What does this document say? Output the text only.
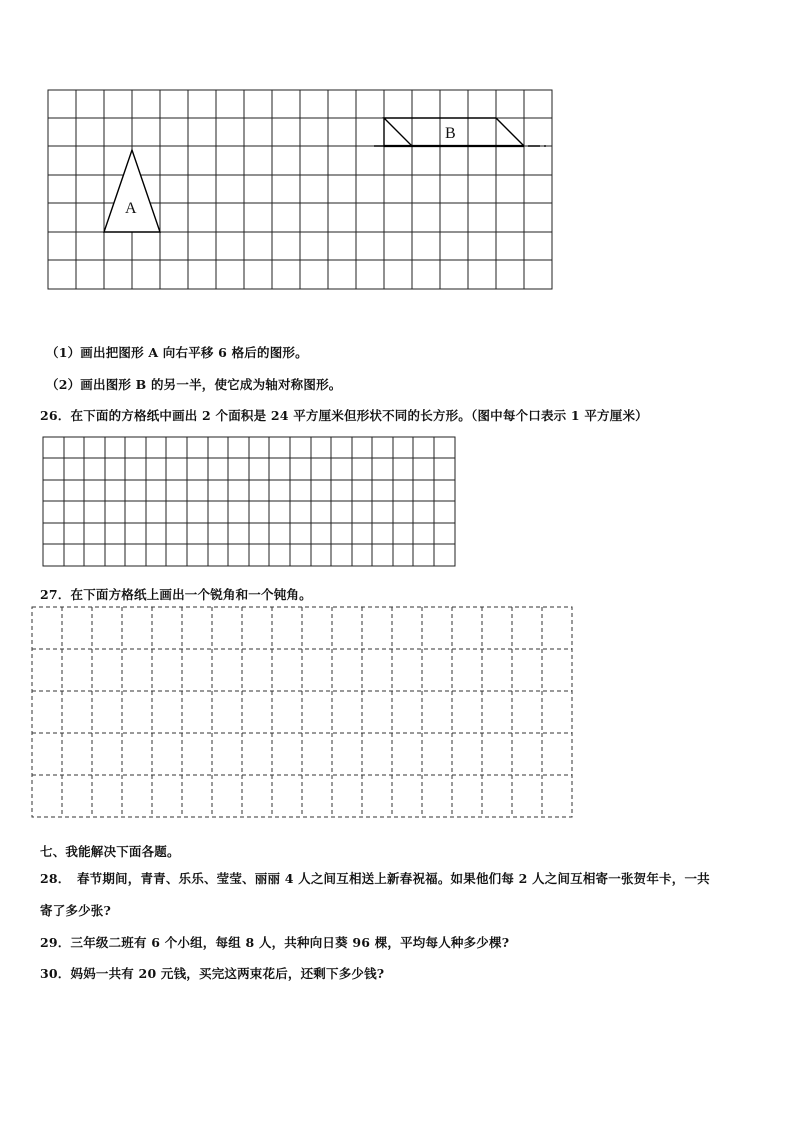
A
B
（1）画出把图形 A 向右平移 6 格后的图形。
（2）画出图形 B 的另一半，使它成为轴对称图形。
26．在下面的方格纸中画出 2 个面积是 24 平方厘米但形状不同的长方形。（图中每个口表示 1 平方厘米）
27．在下面方格纸上画出一个锐角和一个钝角。
七、我能解决下面各题。
28．　春节期间，青青、乐乐、莹莹、丽丽 4 人之间互相送上新春祝福。如果他们每 2 人之间互相寄一张贺年卡，一共
寄了多少张?
29．三年级二班有 6 个小组，每组 8 人，共种向日葵 96 棵，平均每人种多少棵?
30．妈妈一共有 20 元钱，买完这两束花后，还剩下多少钱?
